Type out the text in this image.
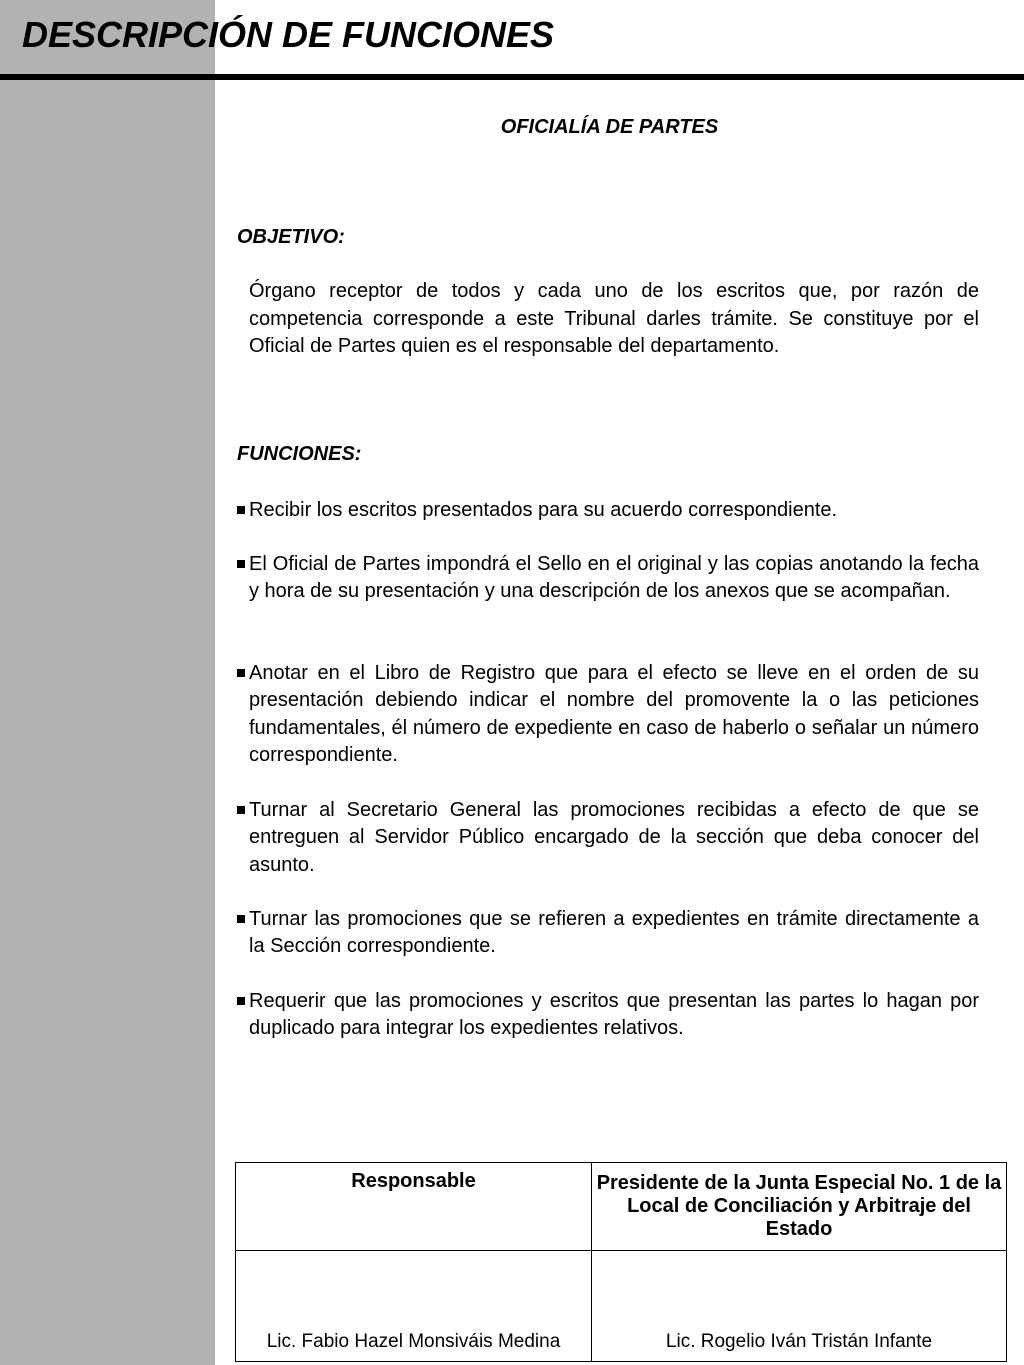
DESCRIPCIÓN DE FUNCIONES
OFICIALÍA DE PARTES
OBJETIVO:
Órgano receptor de todos y cada uno de los escritos que, por razón de competencia corresponde a este Tribunal darles trámite. Se constituye por el Oficial de Partes quien es el responsable del departamento.
FUNCIONES:
Recibir los escritos presentados para su acuerdo correspondiente.
El Oficial de Partes impondrá el Sello en el original y las copias anotando la fecha y hora de su presentación y una descripción de los anexos que se acompañan.
Anotar en el Libro de Registro que para el efecto se lleve en el orden de su presentación debiendo indicar el nombre del promovente la o las peticiones fundamentales, él número de expediente en caso de haberlo o señalar un número correspondiente.
Turnar al Secretario General las promociones recibidas a efecto de que se entreguen al Servidor Público encargado de la sección que deba conocer del asunto.
Turnar las promociones que se refieren a expedientes en trámite directamente a la Sección correspondiente.
Requerir que las promociones y escritos que presentan las partes lo hagan por duplicado para integrar los expedientes relativos.
Responsable	Presidente de la Junta Especial No. 1 de la Local de Conciliación y Arbitraje del Estado
Lic. Fabio Hazel Monsiváis Medina	Lic. Rogelio Iván Tristán Infante
